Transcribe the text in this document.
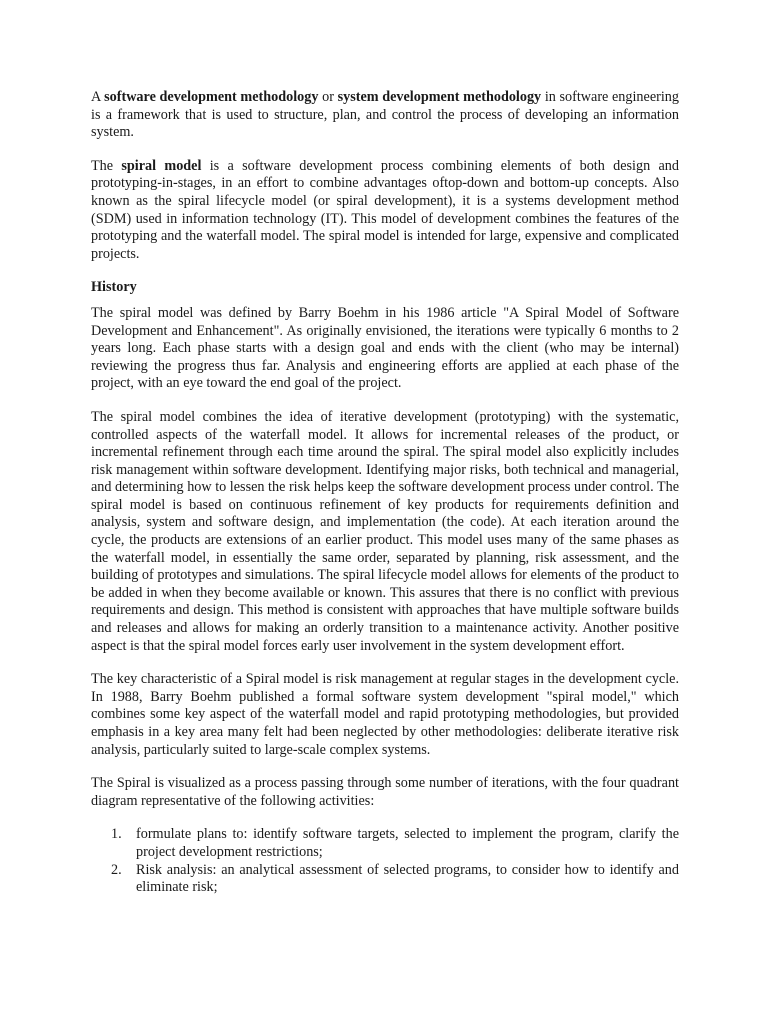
A software development methodology or system development methodology in software engineering is a framework that is used to structure, plan, and control the process of developing an information system.

The spiral model is a software development process combining elements of both design and prototyping-in-stages, in an effort to combine advantages oftop-down and bottom-up concepts. Also known as the spiral lifecycle model (or spiral development), it is a systems development method (SDM) used in information technology (IT). This model of development combines the features of the prototyping and the waterfall model. The spiral model is intended for large, expensive and complicated projects.

History

The spiral model was defined by Barry Boehm in his 1986 article "A Spiral Model of Software Development and Enhancement". As originally envisioned, the iterations were typically 6 months to 2 years long. Each phase starts with a design goal and ends with the client (who may be internal) reviewing the progress thus far. Analysis and engineering efforts are applied at each phase of the project, with an eye toward the end goal of the project.

The spiral model combines the idea of iterative development (prototyping) with the systematic, controlled aspects of the waterfall model. It allows for incremental releases of the product, or incremental refinement through each time around the spiral. The spiral model also explicitly includes risk management within software development. Identifying major risks, both technical and managerial, and determining how to lessen the risk helps keep the software development process under control. The spiral model is based on continuous refinement of key products for requirements definition and analysis, system and software design, and implementation (the code). At each iteration around the cycle, the products are extensions of an earlier product. This model uses many of the same phases as the waterfall model, in essentially the same order, separated by planning, risk assessment, and the building of prototypes and simulations. The spiral lifecycle model allows for elements of the product to be added in when they become available or known. This assures that there is no conflict with previous requirements and design. This method is consistent with approaches that have multiple software builds and releases and allows for making an orderly transition to a maintenance activity. Another positive aspect is that the spiral model forces early user involvement in the system development effort.

The key characteristic of a Spiral model is risk management at regular stages in the development cycle. In 1988, Barry Boehm published a formal software system development "spiral model," which combines some key aspect of the waterfall model and rapid prototyping methodologies, but provided emphasis in a key area many felt had been neglected by other methodologies: deliberate iterative risk analysis, particularly suited to large-scale complex systems.

The Spiral is visualized as a process passing through some number of iterations, with the four quadrant diagram representative of the following activities:

1. formulate plans to: identify software targets, selected to implement the program, clarify the project development restrictions;
2. Risk analysis: an analytical assessment of selected programs, to consider how to identify and eliminate risk;
